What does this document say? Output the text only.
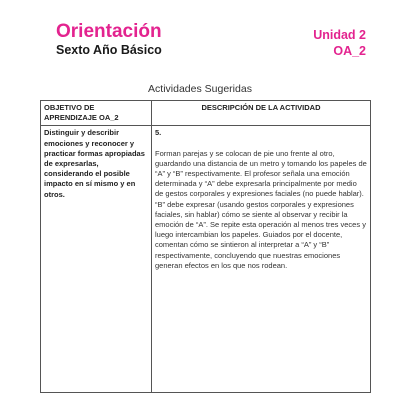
Orientación
Sexto Año Básico
Unidad 2
OA_2
Actividades Sugeridas
OBJETIVO DE APRENDIZAJE OA_2	DESCRIPCIÓN DE LA ACTIVIDAD
Distinguir y describir emociones y reconocer y practicar formas apropiadas de expresarlas, considerando el posible impacto en sí mismo y en otros.	5.
Forman parejas y se colocan de pie uno frente al otro, guardando una distancia de un metro y tomando los papeles de “A” y “B” respectivamente. El profesor señala una emoción determinada y “A” debe expresarla principalmente por medio de gestos corporales y expresiones faciales (no puede hablar). “B” debe expresar (usando gestos corporales y expresiones faciales, sin hablar) cómo se siente al observar y recibir la emoción de “A”. Se repite esta operación al menos tres veces y luego intercambian los papeles. Guiados por el docente, comentan cómo se sintieron al interpretar a “A” y “B” respectivamente, concluyendo que nuestras emociones generan efectos en los que nos rodean.
